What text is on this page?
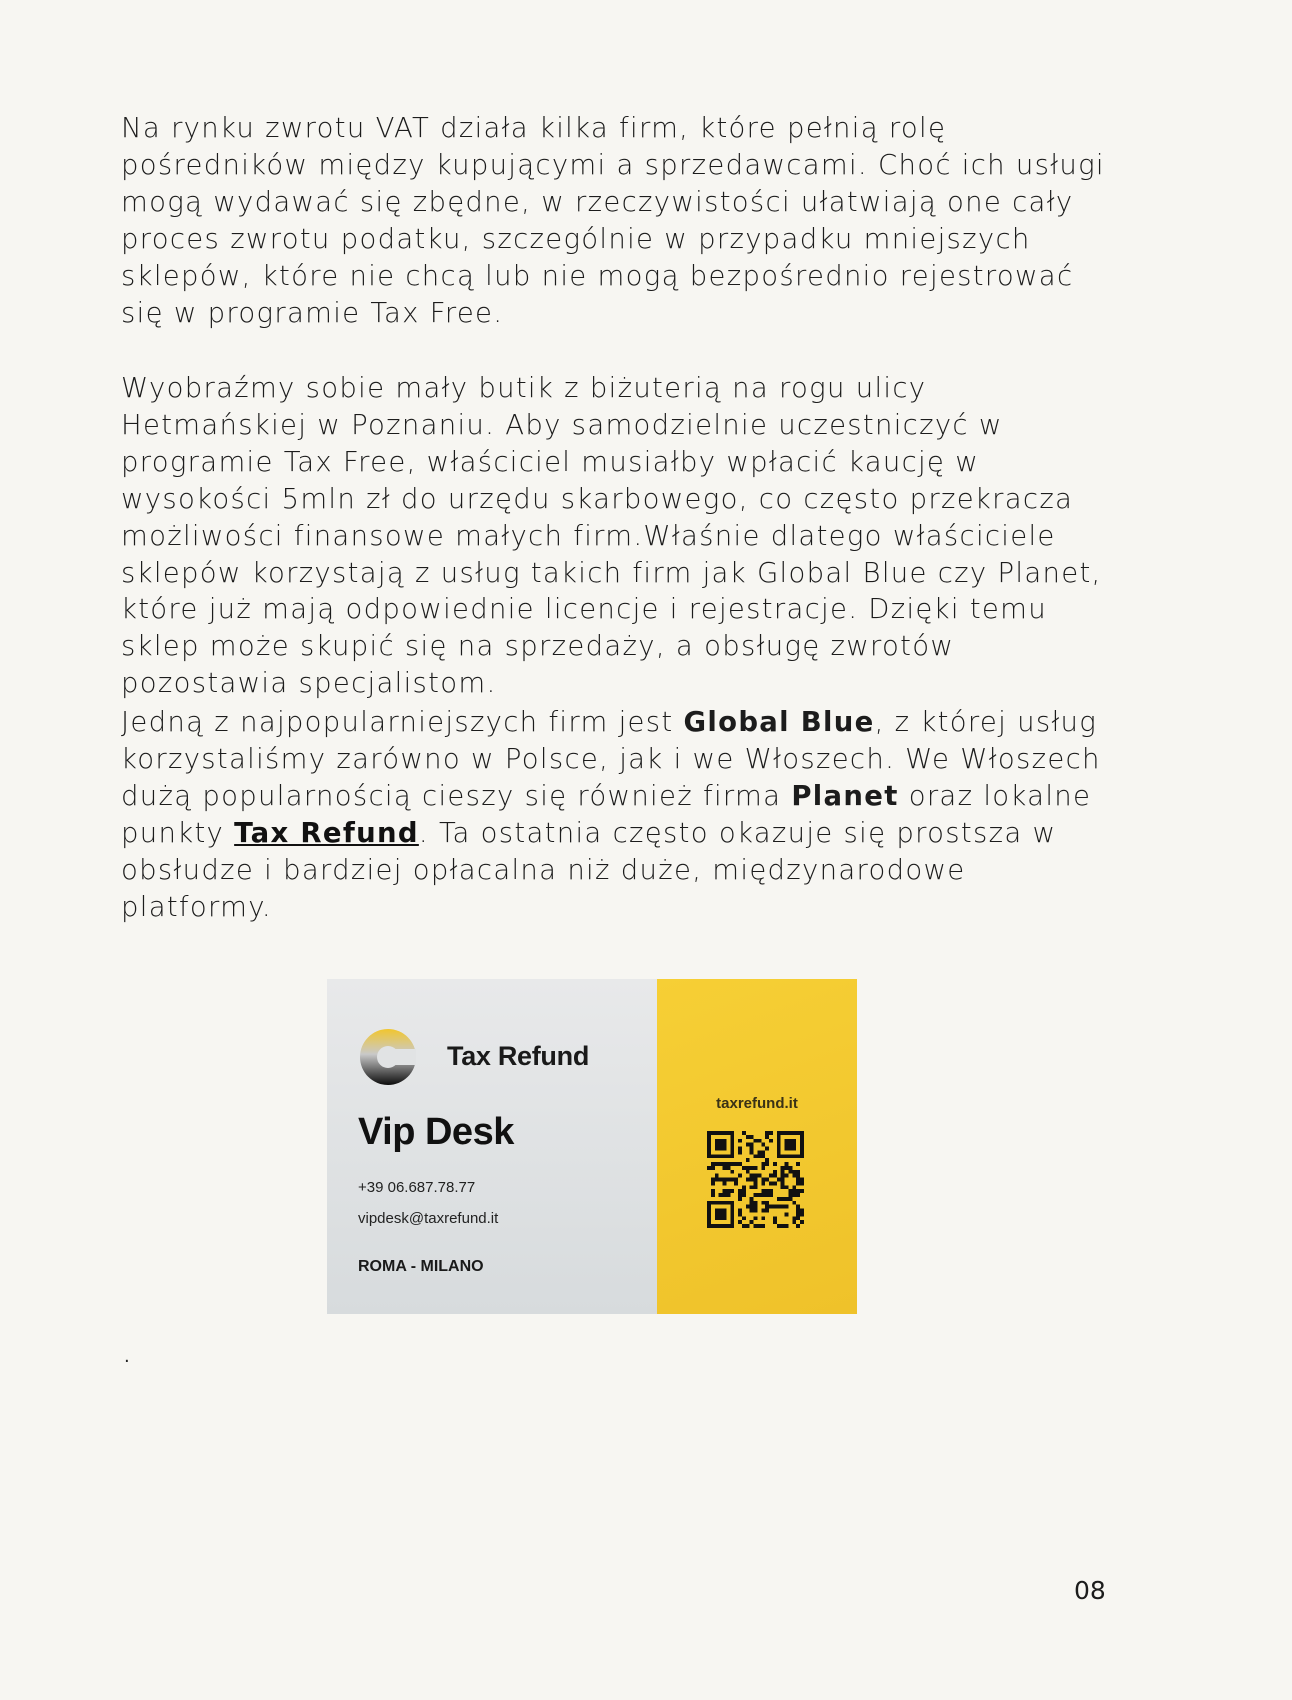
Na rynku zwrotu VAT działa kilka firm, które pełnią rolę pośredników między kupującymi a sprzedawcami. Choć ich usługi mogą wydawać się zbędne, w rzeczywistości ułatwiają one cały proces zwrotu podatku, szczególnie w przypadku mniejszych sklepów, które nie chcą lub nie mogą bezpośrednio rejestrować się w programie Tax Free.

Wyobraźmy sobie mały butik z biżuterią na rogu ulicy Hetmańskiej w Poznaniu. Aby samodzielnie uczestniczyć w programie Tax Free, właściciel musiałby wpłacić kaucję w wysokości 5mln zł do urzędu skarbowego, co często przekracza możliwości finansowe małych firm.Właśnie dlatego właściciele sklepów korzystają z usług takich firm jak Global Blue czy Planet, które już mają odpowiednie licencje i rejestracje. Dzięki temu sklep może skupić się na sprzedaży, a obsługę zwrotów pozostawia specjalistom.

Jedną z najpopularniejszych firm jest Global Blue, z której usług korzystaliśmy zarówno w Polsce, jak i we Włoszech. We Włoszech dużą popularnością cieszy się również firma Planet oraz lokalne punkty Tax Refund. Ta ostatnia często okazuje się prostsza w obsłudze i bardziej opłacalna niż duże, międzynarodowe platformy.

Tax Refund
Vip Desk
+39 06.687.78.77
vipdesk@taxrefund.it
ROMA - MILANO
taxrefund.it
.
08
